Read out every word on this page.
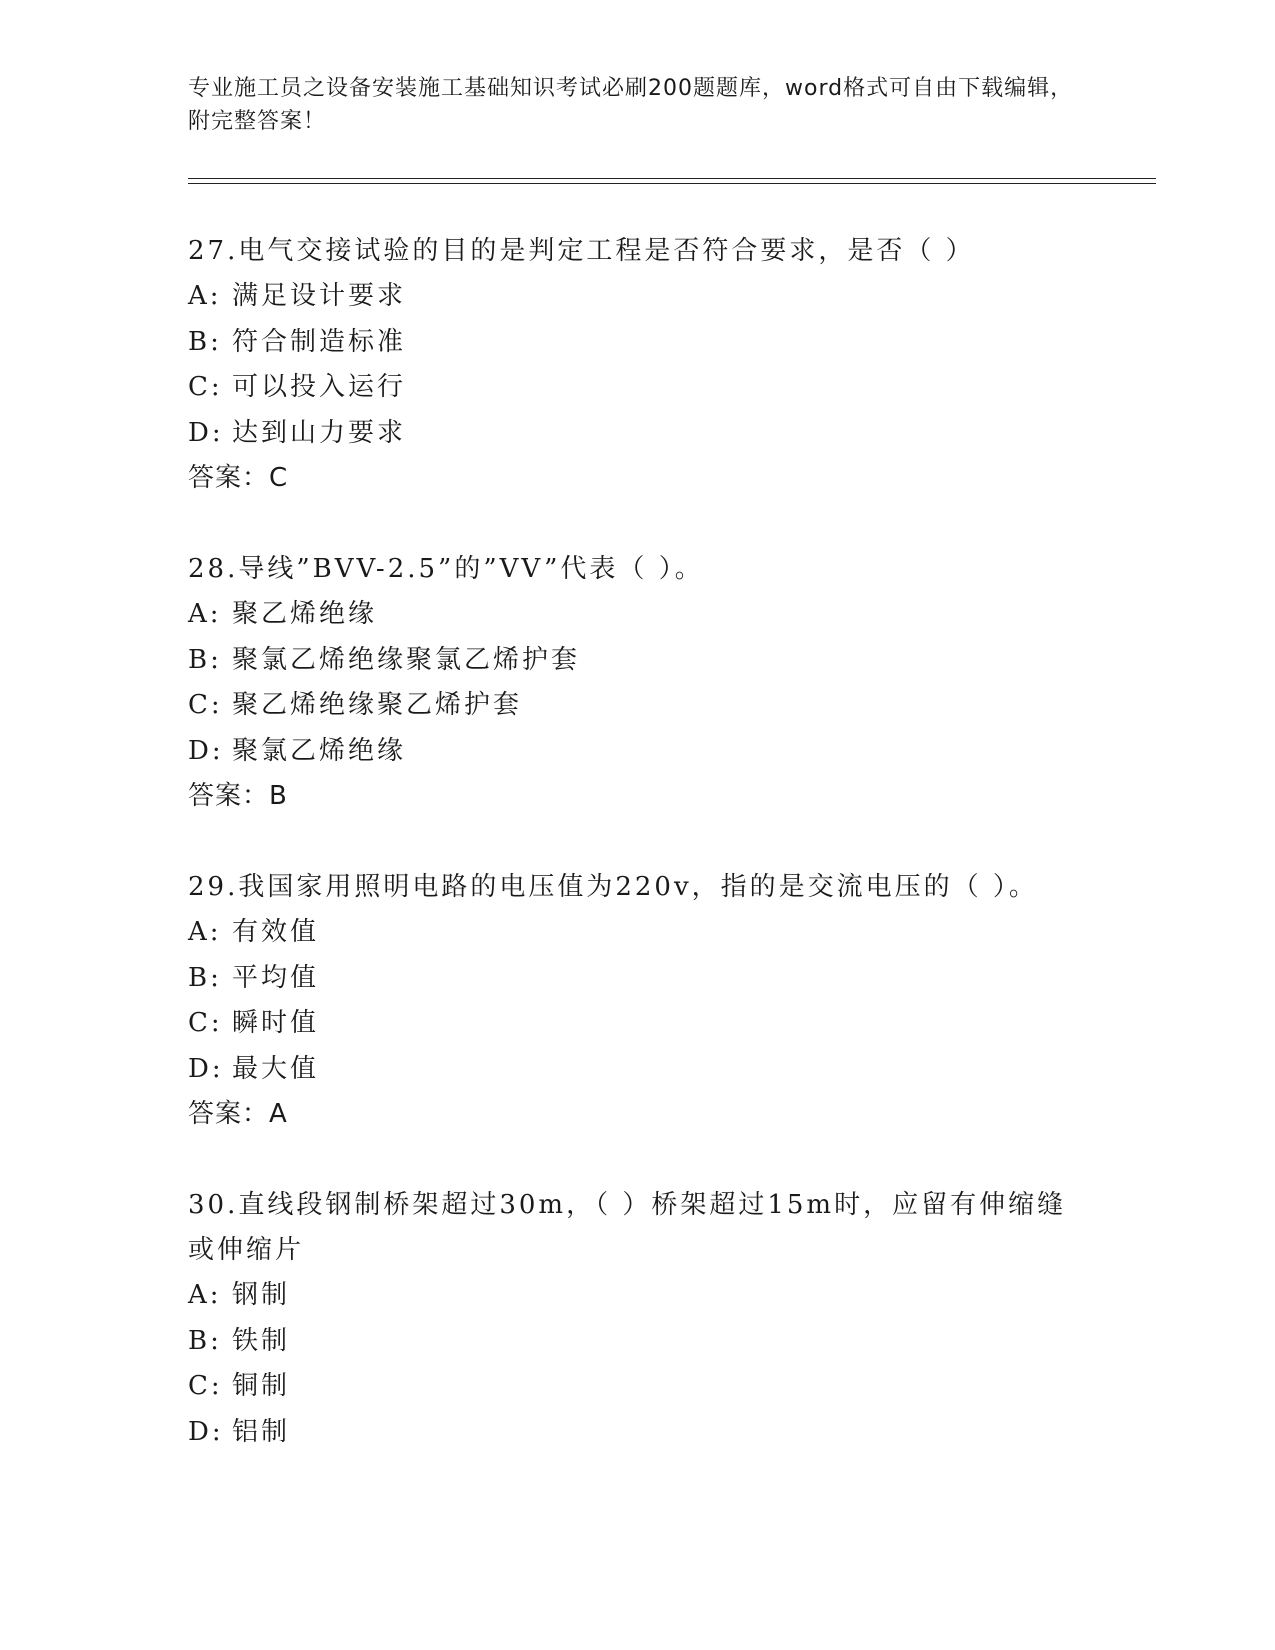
专业施工员之设备安装施工基础知识考试必刷200题题库，word格式可自由下载编辑，附完整答案！
27.电气交接试验的目的是判定工程是否符合要求，是否（ ）
A: 满足设计要求
B: 符合制造标准
C: 可以投入运行
D: 达到山力要求
答案：C
28.导线”BVV-2.5”的”VV”代表（ ）。
A: 聚乙烯绝缘
B: 聚氯乙烯绝缘聚氯乙烯护套
C: 聚乙烯绝缘聚乙烯护套
D: 聚氯乙烯绝缘
答案：B
29.我国家用照明电路的电压值为220v，指的是交流电压的（ ）。
A: 有效值
B: 平均值
C: 瞬时值
D: 最大值
答案：A
30.直线段钢制桥架超过30m，（ ）桥架超过15m时，应留有伸缩缝或伸缩片
A: 钢制
B: 铁制
C: 铜制
D: 铝制
